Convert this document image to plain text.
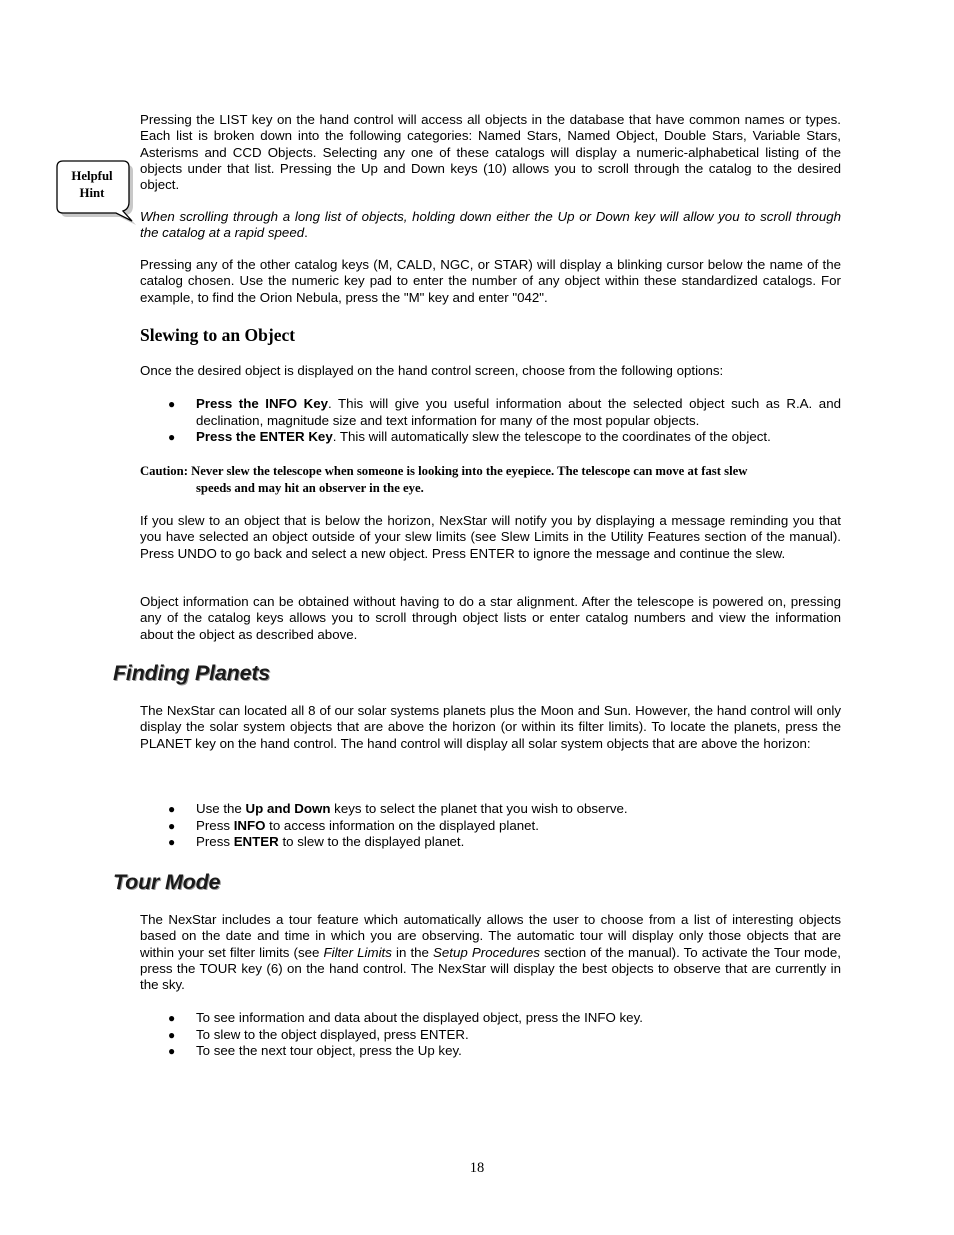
Helpful
Hint

Pressing the LIST key on the hand control will access all objects in the database that have common names or types. Each list is broken down into the following categories: Named Stars, Named Object, Double Stars, Variable Stars, Asterisms and CCD Objects. Selecting any one of these catalogs will display a numeric-alphabetical listing of the objects under that list. Pressing the Up and Down keys (10) allows you to scroll through the catalog to the desired object.

When scrolling through a long list of objects, holding down either the Up or Down key will allow you to scroll through the catalog at a rapid speed.

Pressing any of the other catalog keys (M, CALD, NGC, or STAR) will display a blinking cursor below the name of the catalog chosen. Use the numeric key pad to enter the number of any object within these standardized catalogs. For example, to find the Orion Nebula, press the "M" key and enter "042".

Slewing to an Object

Once the desired object is displayed on the hand control screen, choose from the following options:

● Press the INFO Key. This will give you useful information about the selected object such as R.A. and declination, magnitude size and text information for many of the most popular objects.
● Press the ENTER Key. This will automatically slew the telescope to the coordinates of the object.

Caution: Never slew the telescope when someone is looking into the eyepiece. The telescope can move at fast slew
speeds and may hit an observer in the eye.

If you slew to an object that is below the horizon, NexStar will notify you by displaying a message reminding you that you have selected an object outside of your slew limits (see Slew Limits in the Utility Features section of the manual). Press UNDO to go back and select a new object. Press ENTER to ignore the message and continue the slew.

Object information can be obtained without having to do a star alignment. After the telescope is powered on, pressing any of the catalog keys allows you to scroll through object lists or enter catalog numbers and view the information about the object as described above.

Finding Planets

The NexStar can located all 8 of our solar systems planets plus the Moon and Sun. However, the hand control will only display the solar system objects that are above the horizon (or within its filter limits). To locate the planets, press the PLANET key on the hand control. The hand control will display all solar system objects that are above the horizon:

● Use the Up and Down keys to select the planet that you wish to observe.
● Press INFO to access information on the displayed planet.
● Press ENTER to slew to the displayed planet.
Tour Mode

The NexStar includes a tour feature which automatically allows the user to choose from a list of interesting objects based on the date and time in which you are observing. The automatic tour will display only those objects that are within your set filter limits (see Filter Limits in the Setup Procedures section of the manual). To activate the Tour mode, press the TOUR key (6) on the hand control. The NexStar will display the best objects to observe that are currently in the sky.

● To see information and data about the displayed object, press the INFO key.
● To slew to the object displayed, press ENTER.
● To see the next tour object, press the Up key.
18
